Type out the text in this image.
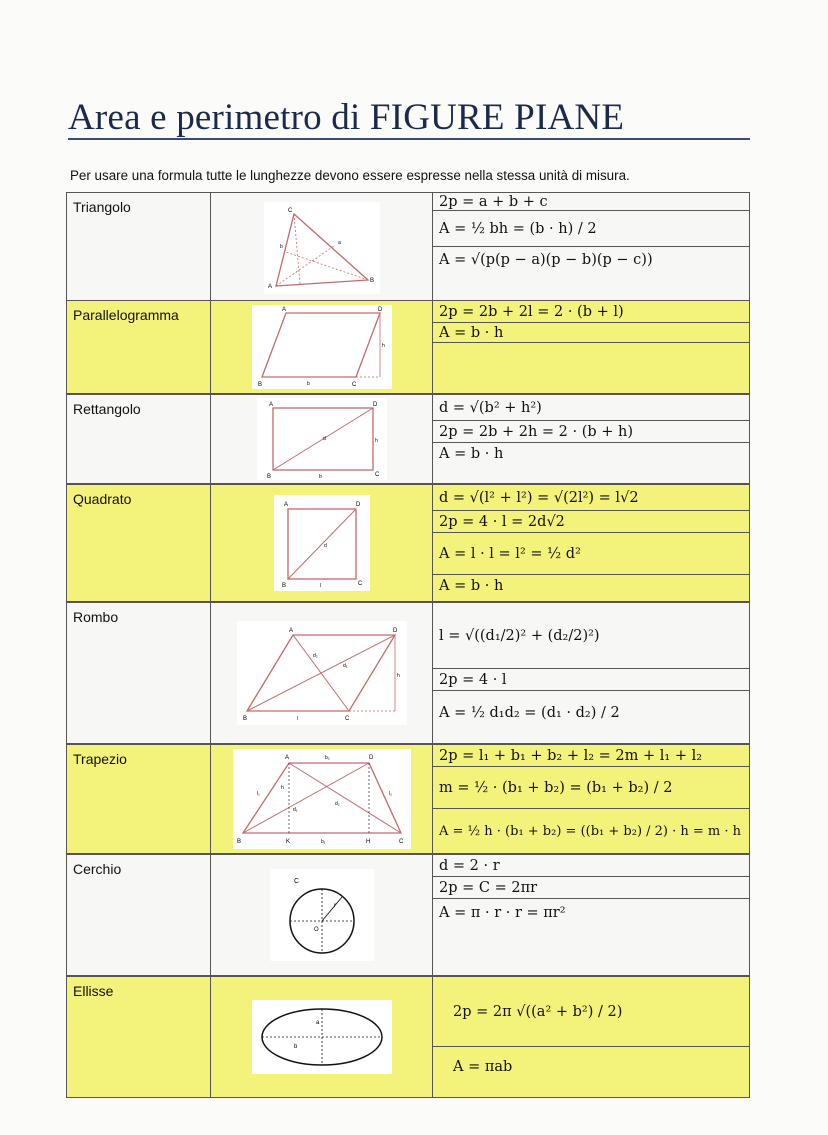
Area e perimetro di FIGURE PIANE
Per usare una formula tutte le lunghezze devono essere espresse nella stessa unità di misura.
Triangolo	C
A
B
a
b
2p = a + b + c
A = ½ bh = (b · h) / 2
A = √(p(p − a)(p − b)(p − c))
Parallelogramma	A	D
B	b	C
h
2p = 2b + 2l = 2 · (b + l)
A = b · h
Rettangolo	A	D
B	b	C
d	h
d = √(b² + h²)
2p = 2b + 2h = 2 · (b + h)
A = b · h
Quadrato	A	D
B	l	C
d
d = √(l² + l²) = √(2l²) = l√2
2p = 4 · l = 2d√2
A = l · l = l² = ½ d²
A = b · h
Rombo
A	D
B	C
l
h
d₂
d₁
l = √((d₁/2)² + (d₂/2)²)
2p = 4 · l
A = ½ d₁d₂ = (d₁ · d₂) / 2
Trapezio	A	b₂	D
B	K	b₁	H	C
l₁	l₂
h
d₁
d₂
2p = l₁ + b₁ + b₂ + l₂ = 2m + l₁ + l₂
m = ½ · (b₁ + b₂) = (b₁ + b₂) / 2
A = ½ h · (b₁ + b₂) = ((b₁ + b₂) / 2) · h = m · h
Cerchio
C
O
r
d = 2 · r
2p = C = 2πr
A = π · r · r = πr²
Ellisse
a
b
2p = 2π √((a² + b²) / 2)
A = πab
